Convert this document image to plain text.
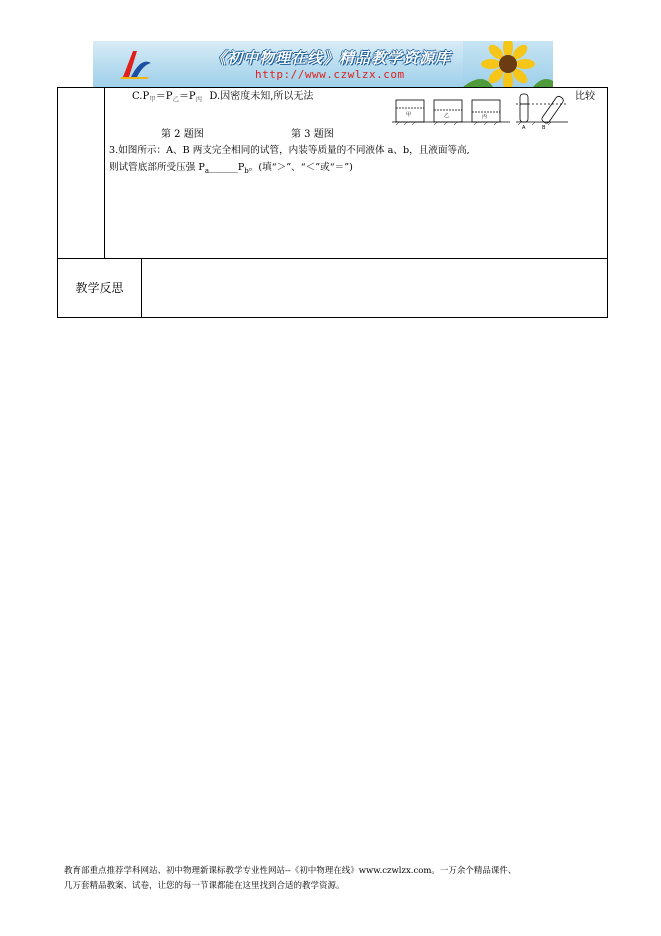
《初中物理在线》精品教学资源库
http://www.czwlzx.com
$C.P_甲=P_乙=P_丙$ D.因密度未知,所以无法
甲	乙	丙
A	B
比较
第 2 题图	第 3 题图
3.如图所示：A、B 两支完全相同的试管，内装等质量的不同液体 a、b，且液面等高,
则试管底部所受压强 $P_a\_\_\_\_\_\_P_b$。(填“＞”、“＜”或“＝”)
教学反思
教育部重点推荐学科网站、初中物理新课标教学专业性网站--《初中物理在线》www.czwlzx.com。一万余个精品课件、
几万套精品教案、试卷，让您的每一节课都能在这里找到合适的教学资源。
